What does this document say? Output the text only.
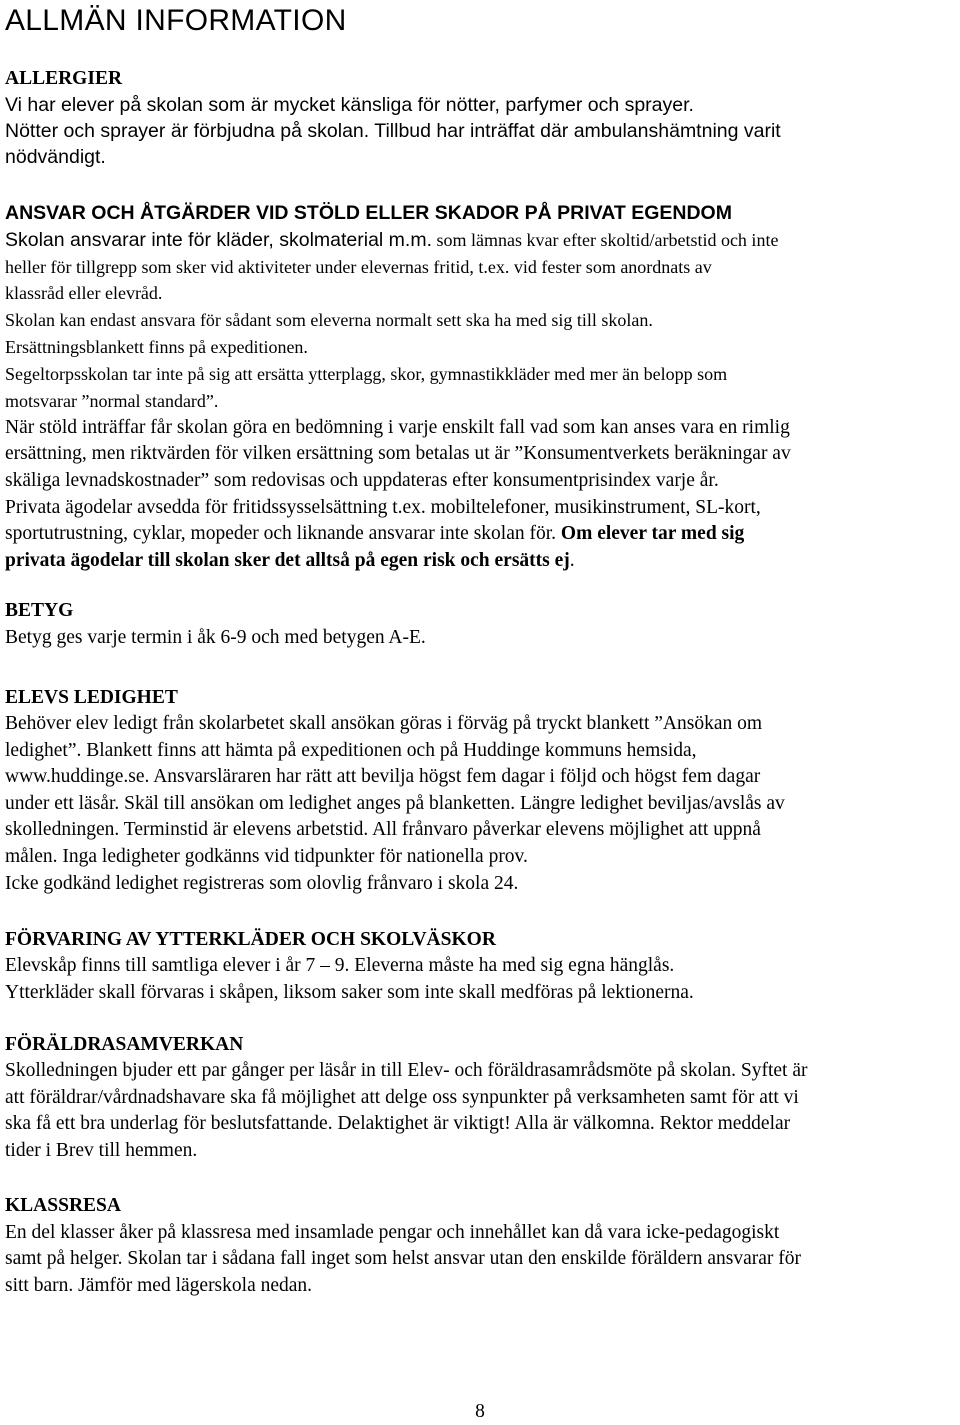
ALLMÄN INFORMATION
ALLERGIER
Vi har elever på skolan som är mycket känsliga för nötter, parfymer och sprayer.
Nötter och sprayer är förbjudna på skolan. Tillbud har inträffat där ambulanshämtning varit
nödvändigt.
ANSVAR OCH ÅTGÄRDER VID STÖLD ELLER SKADOR PÅ PRIVAT EGENDOM
Skolan ansvarar inte för kläder, skolmaterial m.m. som lämnas kvar efter skoltid/arbetstid och inte
heller för tillgrepp som sker vid aktiviteter under elevernas fritid, t.ex. vid fester som anordnats av
klassråd eller elevråd.
Skolan kan endast ansvara för sådant som eleverna normalt sett ska ha med sig till skolan.
Ersättningsblankett finns på expeditionen.
Segeltorpsskolan tar inte på sig att ersätta ytterplagg, skor, gymnastikkläder med mer än belopp som
motsvarar ”normal standard”.
När stöld inträffar får skolan göra en bedömning i varje enskilt fall vad som kan anses vara en rimlig
ersättning, men riktvärden för vilken ersättning som betalas ut är ”Konsumentverkets beräkningar av
skäliga levnadskostnader” som redovisas och uppdateras efter konsumentprisindex varje år.
Privata ägodelar avsedda för fritidssysselsättning t.ex. mobiltelefoner, musikinstrument, SL-kort,
sportutrustning, cyklar, mopeder och liknande ansvarar inte skolan för. Om elever tar med sig
privata ägodelar till skolan sker det alltså på egen risk och ersätts ej.
BETYG
Betyg ges varje termin i åk 6-9 och med betygen A-E.
ELEVS LEDIGHET
Behöver elev ledigt från skolarbetet skall ansökan göras i förväg på tryckt blankett ”Ansökan om
ledighet”. Blankett finns att hämta på expeditionen och på Huddinge kommuns hemsida,
www.huddinge.se. Ansvarsläraren har rätt att bevilja högst fem dagar i följd och högst fem dagar
under ett läsår. Skäl till ansökan om ledighet anges på blanketten. Längre ledighet beviljas/avslås av
skolledningen. Terminstid är elevens arbetstid. All frånvaro påverkar elevens möjlighet att uppnå
målen. Inga ledigheter godkänns vid tidpunkter för nationella prov.
Icke godkänd ledighet registreras som olovlig frånvaro i skola 24.
FÖRVARING AV YTTERKLÄDER OCH SKOLVÄSKOR
Elevskåp finns till samtliga elever i år 7 – 9. Eleverna måste ha med sig egna hänglås.
Ytterkläder skall förvaras i skåpen, liksom saker som inte skall medföras på lektionerna.
FÖRÄLDRASAMVERKAN
Skolledningen bjuder ett par gånger per läsår in till Elev- och föräldrasamrådsmöte på skolan. Syftet är
att föräldrar/vårdnadshavare ska få möjlighet att delge oss synpunkter på verksamheten samt för att vi
ska få ett bra underlag för beslutsfattande. Delaktighet är viktigt! Alla är välkomna. Rektor meddelar
tider i Brev till hemmen.
KLASSRESA
En del klasser åker på klassresa med insamlade pengar och innehållet kan då vara icke-pedagogiskt
samt på helger. Skolan tar i sådana fall inget som helst ansvar utan den enskilde föräldern ansvarar för
sitt barn. Jämför med lägerskola nedan.
8
